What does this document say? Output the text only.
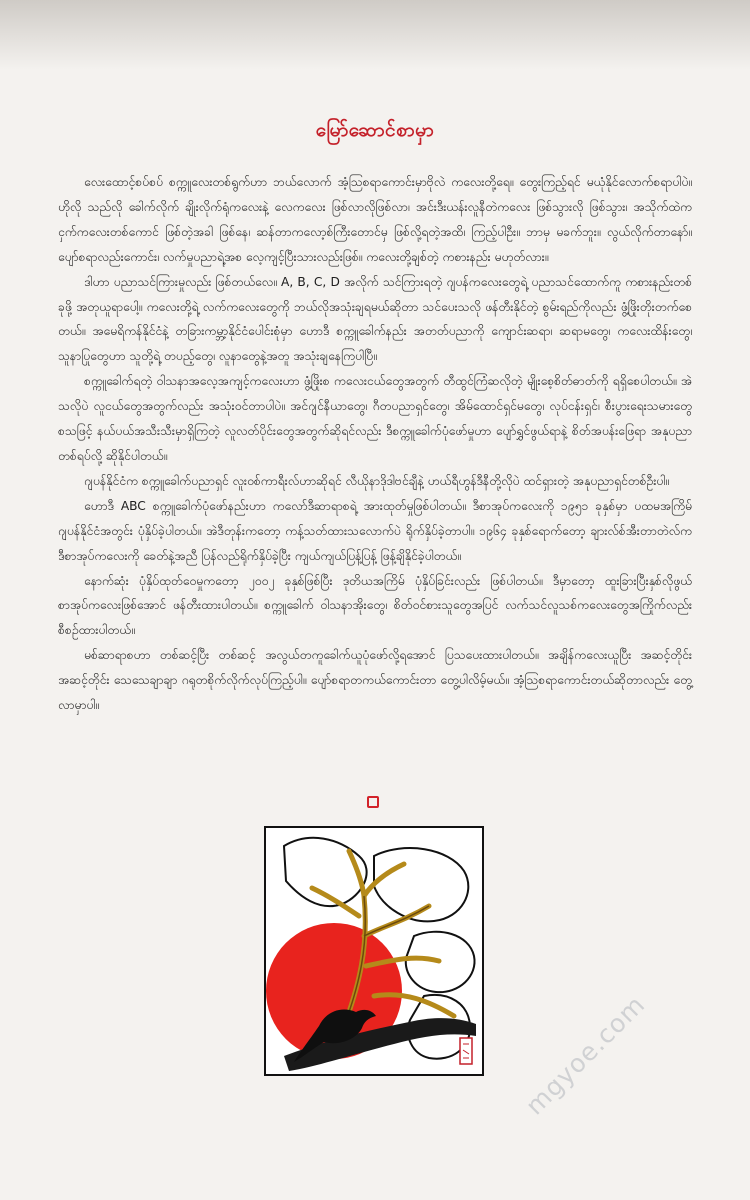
မြော်ဆောင်စာမှာ

လေးထောင့်စပ်စပ် စက္ကူလေးတစ်ရွက်ဟာ ဘယ်လောက် အံ့သြစရာကောင်းမှာဗိုလဲ ကလေးတို့ရေ။ တွေးကြည့်ရင် မယုံနိုင်လောက်စရာပါပဲ။ ဟိုလို သည်လို ခေါက်လိုက် ချိုးလိုက်ရုံကလေးနဲ့ လေကလေး ဖြစ်လာလိုဖြစ်လာ၊ အင်းဒီးယန်းလူနီတဲကလေး ဖြစ်သွားလို ဖြစ်သွား၊ အသိုက်ထဲက ငှက်ကလေးတစ်ကောင် ဖြစ်တဲ့အခါ ဖြစ်နေ၊ ဆန်တာကလော့စ်ကြီးတောင်မှ ဖြစ်လို့ရတဲ့အထိ၊ ကြည့်ပါဦး။ ဘာမှ မခက်ဘူး။ လွယ်လိုက်တာနော်။ ပျော်စရာလည်းကောင်း၊ လက်မှုပညာရဲ့အစ လေ့ကျင့်ပြီးသားလည်းဖြစ်။ ကလေးတို့ချစ်တဲ့ ကစားနည်း မဟုတ်လား။

ဒါဟာ ပညာသင်ကြားမှုလည်း ဖြစ်တယ်လေ။ A, B, C, D အလိုက် သင်ကြားရတဲ့ ဂျပန်ကလေးတွေရဲ့ ပညာသင်ထောက်ကူ ကစားနည်းတစ်ခုဖို့ အတုယူရာပေါ့။ ကလေးတို့ရဲ့ လက်ကလေးတွေကို ဘယ်လိုအသုံးချရမယ်ဆိုတာ သင်ပေးသလို ဖန်တီးနိုင်တဲ့ စွမ်းရည်ကိုလည်း ဖွံ့ဖြိုးတိုးတက်စေတယ်။ အမေရိကန်နိုင်ငံနဲ့ တခြားကမ္ဘာ့နိုင်ငံပေါင်းစုံမှာ ဟောဒီ စက္ကူခေါက်နည်း အတတ်ပညာကို ကျောင်းဆရာ၊ ဆရာမတွေ၊ ကလေးထိန်းတွေ၊ သူနာပြုတွေဟာ သူတို့ရဲ့ တပည့်တွေ၊ လူနာတွေနဲ့အတူ အသုံးချနေကြပါပြီ။

စက္ကူခေါက်ရတဲ့ ဝါသနာအလေ့အကျင့်ကလေးဟာ ဖွံ့ဖြိုးစ ကလေးငယ်တွေအတွက် တီထွင်ကြံဆလိုတဲ့ မျိုးစေ့စိတ်ဓာတ်ကို ရရှိစေပါတယ်။ အဲသလိုပဲ လူငယ်တွေအတွက်လည်း အသုံးဝင်တာပါပဲ။ အင်ဂျင်နီယာတွေ၊ ဂီတပညာရှင်တွေ၊ အိမ်ထောင်ရှင်မတွေ၊ လုပ်ငန်းရှင်၊ စီးပွားရေးသမားတွေ စသဖြင့် နယ်ပယ်အသီးသီးမှာရှိကြတဲ့ လူလတ်ပိုင်းတွေအတွက်ဆိုရင်လည်း ဒီစက္ကူခေါက်ပုံဖော်မှုဟာ ပျော်ရွှင်ဖွယ်ရာနဲ့ စိတ်အပန်းဖြေရာ အနုပညာတစ်ရပ်လို့ ဆိုနိုင်ပါတယ်။

ဂျပန်နိုင်ငံက စက္ကူခေါက်ပညာရှင် လူးဝစ်ကာရီးလ်ဟာဆိုရင် လီယိုနာဒိုဒါဗင်ချီနဲ့ ဟယ်ရီဟွန်ဒီနီတို့လိုပဲ ထင်ရှားတဲ့ အနုပညာရှင်တစ်ဦးပါ။

ဟောဒီ ABC စက္ကူခေါက်ပုံဖော်နည်းဟာ ကလော်ဒီဆာရာစရဲ့ အားထုတ်မှုဖြစ်ပါတယ်။ ဒီစာအုပ်ကလေးကို ၁၉၅၁ ခုနှစ်မှာ ပထမအကြိမ် ဂျပန်နိုင်ငံအတွင်း ပုံနှိပ်ခဲ့ပါတယ်။ အဲဒီတုန်းကတော့ ကန့်သတ်ထားသလောက်ပဲ ရိုက်နှိပ်ခဲ့တာပါ။ ၁၉၆၄ ခုနှစ်ရောက်တော့ ချားလ်စ်အီးတာတဲလ်က ဒီစာအုပ်ကလေးကို ခေတ်နဲ့အညီ ပြန်လည်ရိုက်နှိပ်ခဲ့ပြီး ကျယ်ကျယ်ပြန့်ပြန့် ဖြန့်ချိနိုင်ခဲ့ပါတယ်။

နောက်ဆုံး ပုံနှိပ်ထုတ်ဝေမှုကတော့ ၂၀၀၂ ခုနှစ်ဖြစ်ပြီး ဒုတိယအကြိမ် ပုံနှိပ်ခြင်းလည်း ဖြစ်ပါတယ်။ ဒီမှာတော့ ထူးခြားပြီးနှစ်လိုဖွယ် စာအုပ်ကလေးဖြစ်အောင် ဖန်တီးထားပါတယ်။ စက္ကူခေါက် ဝါသနာအိုးတွေ၊ စိတ်ဝင်စားသူတွေအပြင် လက်သင်လူသစ်ကလေးတွေအကြိုက်လည်း စီစဉ်ထားပါတယ်။

မစ်ဆာရာစဟာ တစ်ဆင့်ပြီး တစ်ဆင့် အလွယ်တကူခေါက်ယူပုံဖော်လို့ရအောင် ပြသပေးထားပါတယ်။ အချိန်ကလေးယူပြီး အဆင့်တိုင်း အဆင့်တိုင်း သေသေချာချာ ဂရုတစိုက်လိုက်လုပ်ကြည့်ပါ။ ပျော်စရာတကယ်ကောင်းတာ တွေ့ပါလိမ့်မယ်။ အံ့သြစရာကောင်းတယ်ဆိုတာလည်း တွေ့လာမှာပါ။

mgyoe.com
